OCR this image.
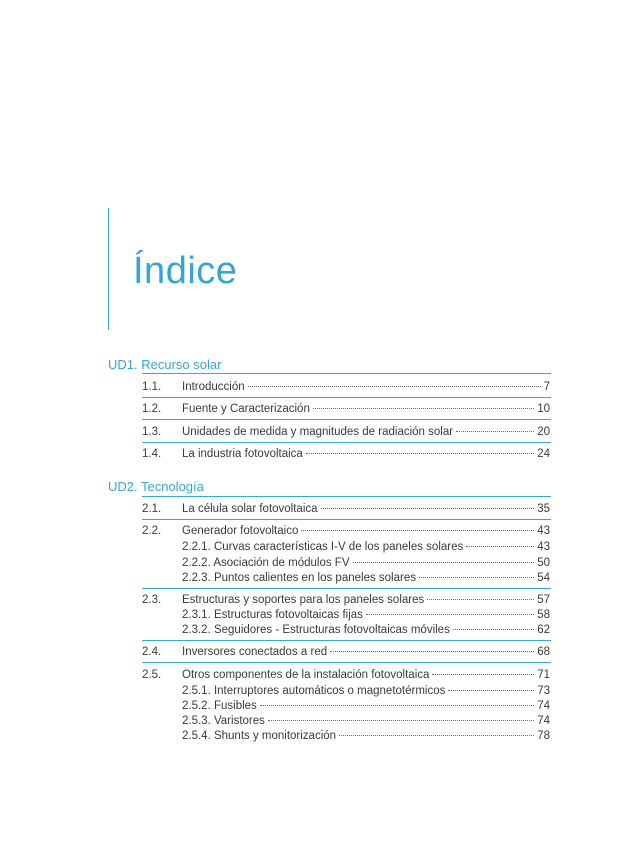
Índice
UD1. Recurso solar
1.1.	Introducción	7
1.2.	Fuente y Caracterización	10
1.3.	Unidades de medida y magnitudes de radiación solar	20
1.4.	La industria fotovoltaica	24
UD2. Tecnología
2.1.	La célula solar fotovoltaica	35
2.2.	Generador fotovoltaico	43
2.2.1. Curvas características I-V de los paneles solares	43
2.2.2. Asociación de módulos FV	50
2.2.3. Puntos calientes en los paneles solares	54
2.3.	Estructuras y soportes para los paneles solares	57
2.3.1. Estructuras fotovoltaicas fijas	58
2.3.2. Seguidores - Estructuras fotovoltaicas móviles	62
2.4.	Inversores conectados a red	68
2.5.	Otros componentes de la instalación fotovoltaica	71
2.5.1. Interruptores automáticos o magnetotérmicos	73
2.5.2. Fusibles	74
2.5.3. Varistores	74
2.5.4. Shunts y monitorización	78
